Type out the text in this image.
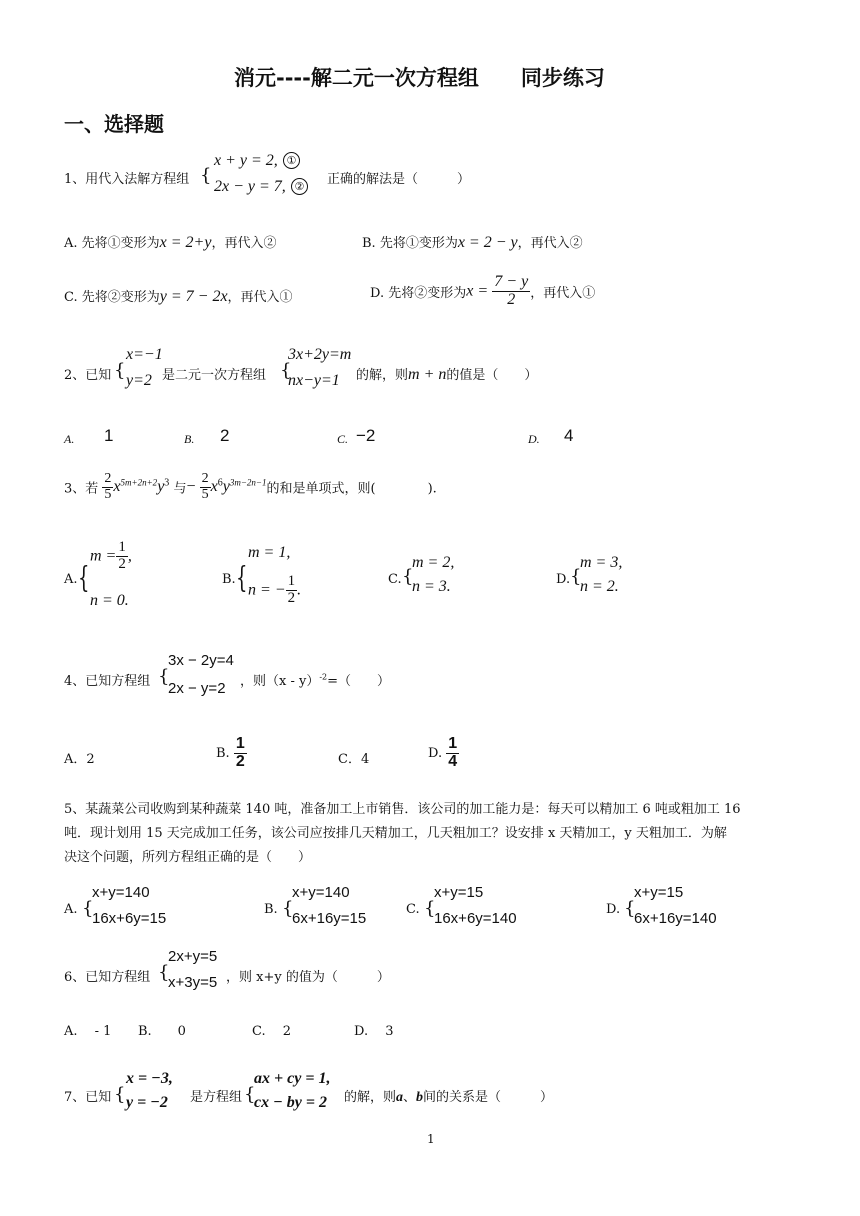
消元----解二元一次方程组　　同步练习
一、选择题
1、用代入法解方程组 {
x + y = 2, ①
2x − y = 7, ② 正确的解法是（　　　）
A. 先将①变形为x = 2+y，再代入②	B. 先将①变形为x = 2 − y，再代入②
C. 先将②变形为y = 7 − 2x，再代入①	D. 先将②变形为$x = \frac{7 - y}{2}$ ，再代入①
2、已知 {
x=−1
y=2 是二元一次方程组 {
3x+2y=m
nx−y=1 的解，则m + n的值是（　　）
A. 1	B. 2	C. −2	D. 4
3、若 $\frac{2}{5} x^{5m+2n+2}y^3$ 与− $\frac{2}{5} x^6y^{3m-2n-1}$的和是单项式，则(　　　　).
A. {
$m = \frac{1}{2}$ ,
n = 0.
B. {
m = 1,
n = − $\frac{1}{2}$ .
C. {
m = 2,
n = 3.	D. {
m = 3,
n = 2.
4、已知方程组 {
3x − 2y=4
2x − y=2 ，则（x - y）$^{-2}$=（　　）
A．2	B. $\frac{1}{2}$	C．4	D. $\frac{1}{4}$
5、某蔬菜公司收购到某种蔬菜 140 吨，准备加工上市销售．该公司的加工能力是：每天可以精加工 6 吨或粗加工 16
吨．现计划用 15 天完成加工任务，该公司应按排几天精加工，几天粗加工？设安排 x 天精加工，y 天粗加工．为解
决这个问题，所列方程组正确的是（　　）
A. {
x+y=140
16x+6y=15
B. {
x+y=140
6x+16y=15
C. {
x+y=15
16x+6y=140
D. {
x+y=15
6x+16y=140
6、已知方程组 {
2x+y=5
x+3y=5 ，则 x+y 的值为（　　　）
A.　 - 1 B.　　0	C.　 2	D.　 3
7、已知 {
x = −3,
y = −2 是方程组 {
ax + cy = 1,
cx − by = 2 的解，则a、b间的关系是（　　　）
1
